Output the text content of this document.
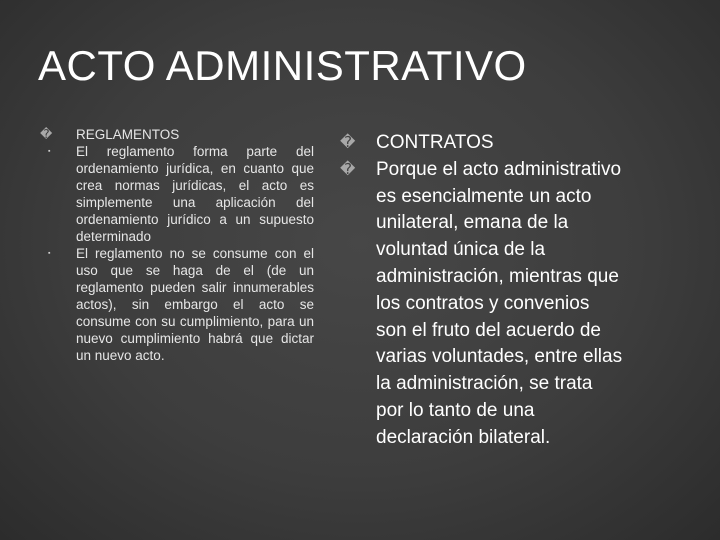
ACTO ADMINISTRATIVO
�	REGLAMENTOS
▪	El reglamento forma parte del ordenamiento jurídica, en cuanto que crea normas jurídicas, el acto es simplemente una aplicación del ordenamiento jurídico a un supuesto determinado
▪	El reglamento no se consume con el uso que se haga de el (de un reglamento pueden salir innumerables actos), sin embargo el acto se consume con su cumplimiento, para un nuevo cumplimiento habrá que dictar un nuevo acto.
�	CONTRATOS
�	Porque el acto administrativo es esencialmente un acto unilateral, emana de la voluntad única de la administración, mientras que los contratos y convenios son el fruto del acuerdo de varias voluntades, entre ellas la administración, se trata por lo tanto de una declaración bilateral.
